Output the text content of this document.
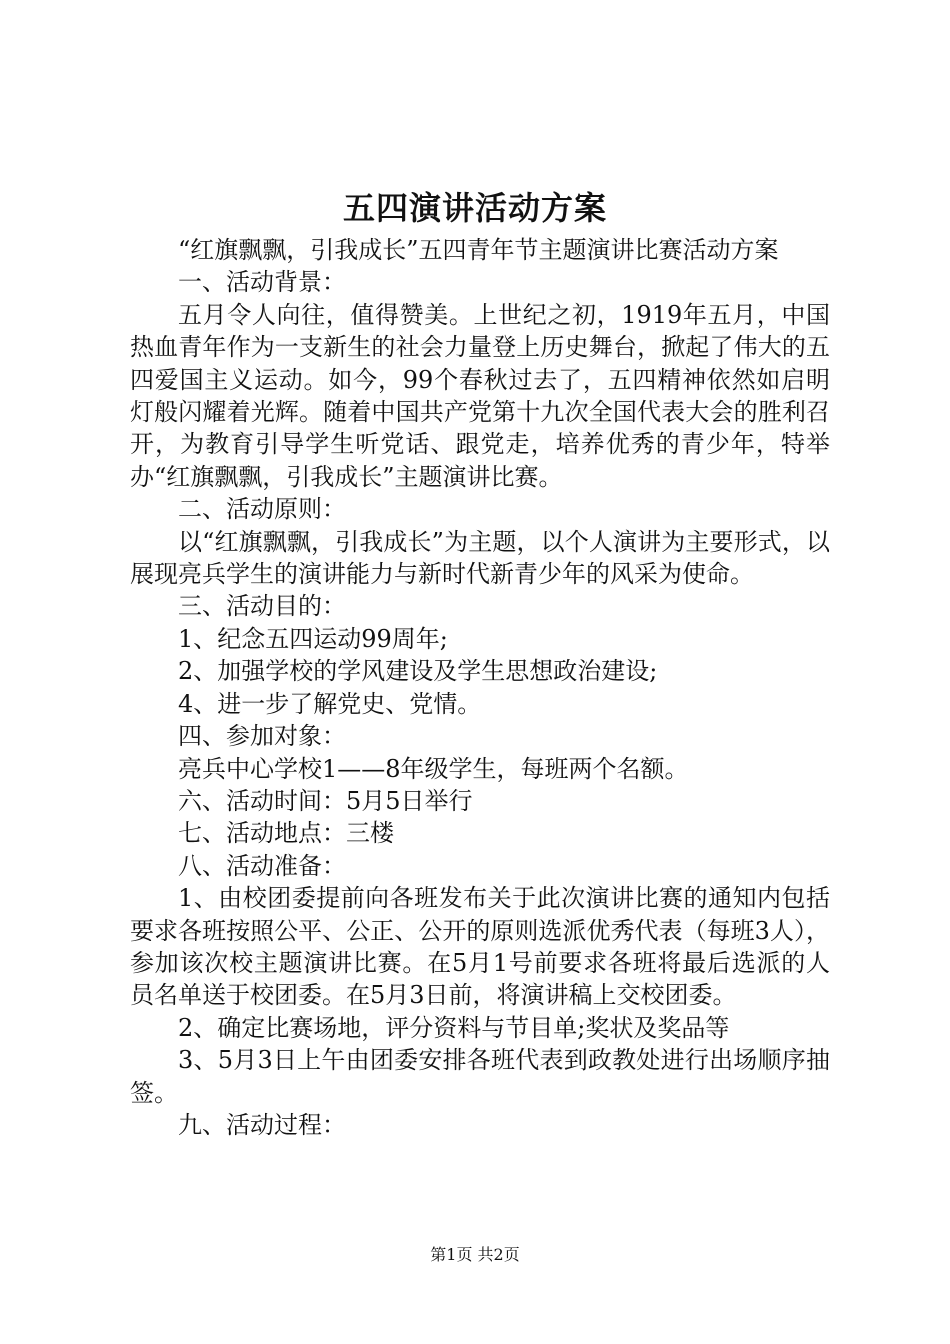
五四演讲活动方案

“红旗飘飘，引我成长”五四青年节主题演讲比赛活动方案

一、活动背景：

五月令人向往，值得赞美。上世纪之初，1919年五月，中国热血青年作为一支新生的社会力量登上历史舞台，掀起了伟大的五四爱国主义运动。如今，99个春秋过去了，五四精神依然如启明灯般闪耀着光辉。随着中国共产党第十九次全国代表大会的胜利召开，为教育引导学生听党话、跟党走，培养优秀的青少年，特举办“红旗飘飘，引我成长”主题演讲比赛。

二、活动原则：

以“红旗飘飘，引我成长”为主题，以个人演讲为主要形式，以展现亮兵学生的演讲能力与新时代新青少年的风采为使命。

三、活动目的：

1、纪念五四运动99周年;

2、加强学校的学风建设及学生思想政治建设;

4、进一步了解党史、党情。

四、参加对象：

亮兵中心学校1——8年级学生，每班两个名额。

六、活动时间：5月5日举行

七、活动地点：三楼

八、活动准备：

1、由校团委提前向各班发布关于此次演讲比赛的通知内包括要求各班按照公平、公正、公开的原则选派优秀代表（每班3人），参加该次校主题演讲比赛。在5月1号前要求各班将最后选派的人员名单送于校团委。在5月3日前，将演讲稿上交校团委。

2、确定比赛场地，评分资料与节目单;奖状及奖品等

3、5月3日上午由团委安排各班代表到政教处进行出场顺序抽签。

九、活动过程：

第1页 共2页
